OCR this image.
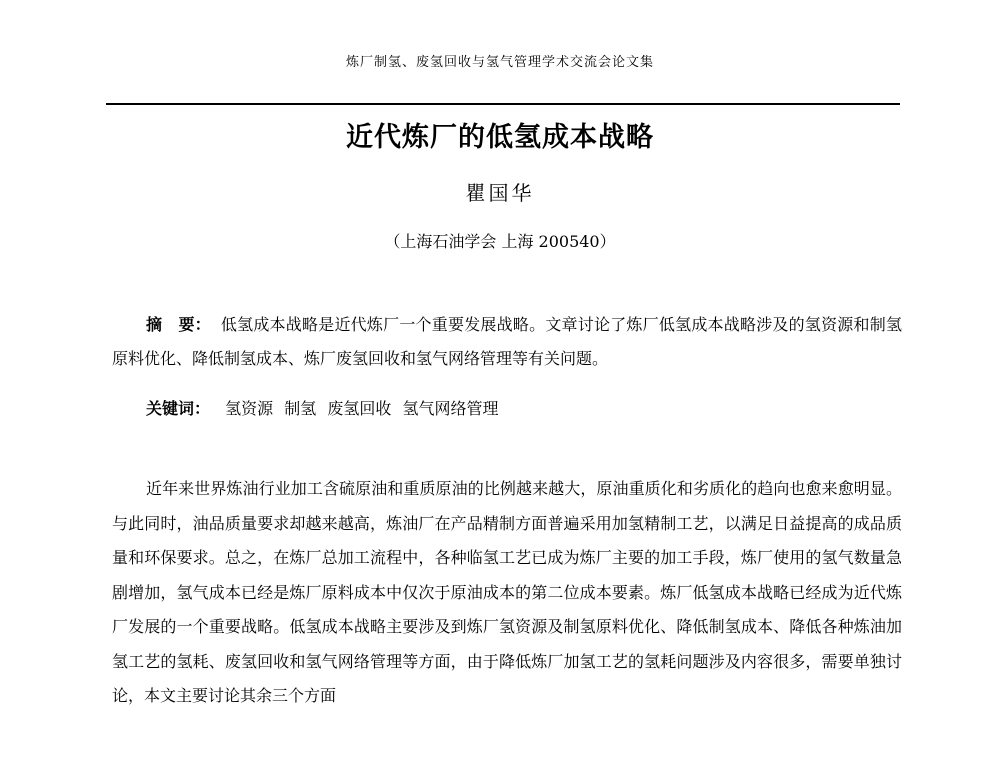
炼厂制氢、废氢回收与氢气管理学术交流会论文集
近代炼厂的低氢成本战略
瞿国华
（上海石油学会 上海 200540）
摘　要： 低氢成本战略是近代炼厂一个重要发展战略。文章讨论了炼厂低氢成本战略涉及的氢资源和制氢原料优化、降低制氢成本、炼厂废氢回收和氢气网络管理等有关问题。
关键词： 氢资源 制氢 废氢回收 氢气网络管理
近年来世界炼油行业加工含硫原油和重质原油的比例越来越大，原油重质化和劣质化的趋向也愈来愈明显。与此同时，油品质量要求却越来越高，炼油厂在产品精制方面普遍采用加氢精制工艺，以满足日益提高的成品质量和环保要求。总之，在炼厂总加工流程中，各种临氢工艺已成为炼厂主要的加工手段，炼厂使用的氢气数量急剧增加，氢气成本已经是炼厂原料成本中仅次于原油成本的第二位成本要素。炼厂低氢成本战略已经成为近代炼厂发展的一个重要战略。低氢成本战略主要涉及到炼厂氢资源及制氢原料优化、降低制氢成本、降低各种炼油加氢工艺的氢耗、废氢回收和氢气网络管理等方面，由于降低炼厂加氢工艺的氢耗问题涉及内容很多，需要单独讨论，本文主要讨论其余三个方面
